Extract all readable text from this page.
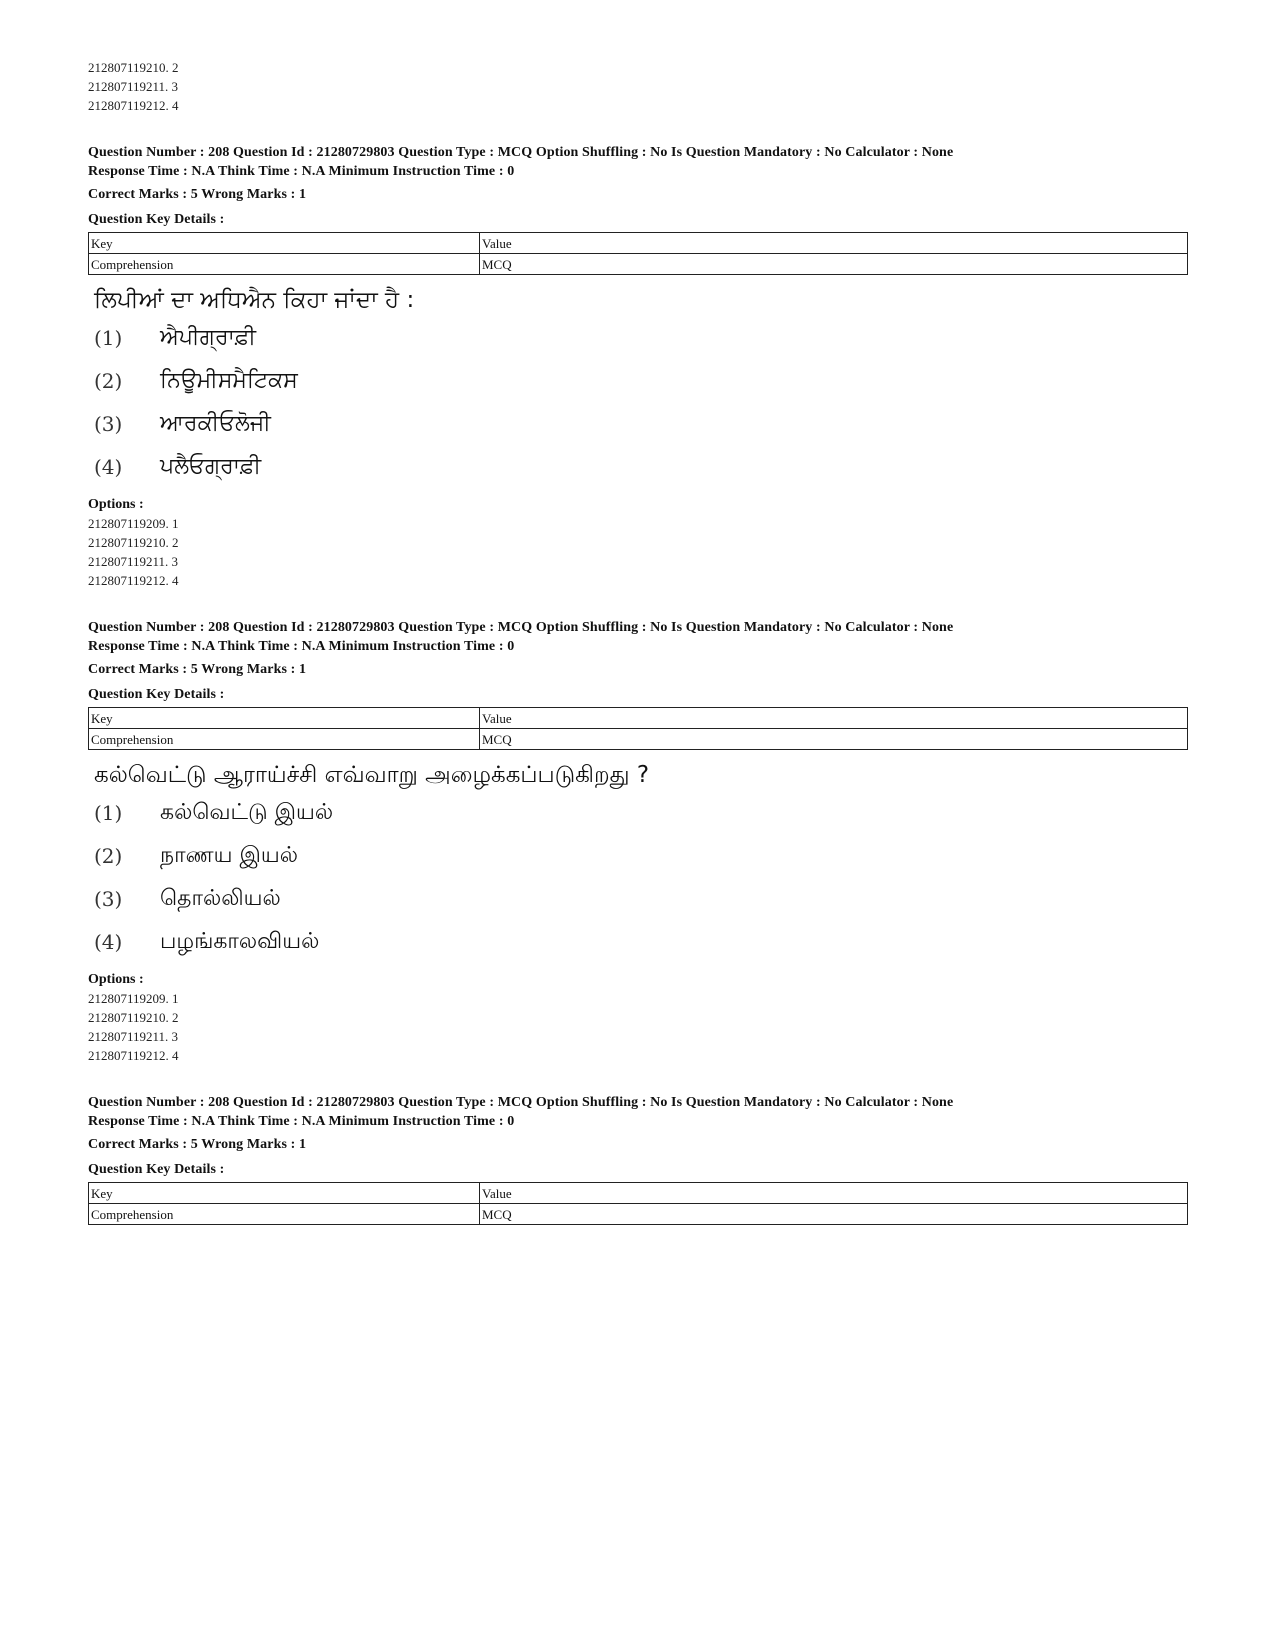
212807119210. 2
212807119211. 3
212807119212. 4
Question Number : 208 Question Id : 21280729803 Question Type : MCQ Option Shuffling : No Is Question Mandatory : No Calculator : None
Response Time : N.A Think Time : N.A Minimum Instruction Time : 0
Correct Marks : 5 Wrong Marks : 1
Question Key Details :
Key	Value
Comprehension	MCQ
ਲਿਪੀਆਂ ਦਾ ਅਧਿਐਨ ਕਿਹਾ ਜਾਂਦਾ ਹੈ :
(1)	ਐਪੀਗ੍ਰਾਫ਼ੀ
(2)	ਨਿਊਮੀਸਮੈਟਿਕਸ
(3)	ਆਰਕੀਓਲੋਜੀ
(4)	ਪਲੈਓਗ੍ਰਾਫ਼ੀ
Options :
212807119209. 1
212807119210. 2
212807119211. 3
212807119212. 4
Question Number : 208 Question Id : 21280729803 Question Type : MCQ Option Shuffling : No Is Question Mandatory : No Calculator : None
Response Time : N.A Think Time : N.A Minimum Instruction Time : 0
Correct Marks : 5 Wrong Marks : 1
Question Key Details :
Key	Value
Comprehension	MCQ
கல்வெட்டு ஆராய்ச்சி எவ்வாறு அழைக்கப்படுகிறது ?
(1)	கல்வெட்டு இயல்
(2)	நாணய இயல்
(3)	தொல்லியல்
(4)	பழங்காலவியல்
Options :
212807119209. 1
212807119210. 2
212807119211. 3
212807119212. 4
Question Number : 208 Question Id : 21280729803 Question Type : MCQ Option Shuffling : No Is Question Mandatory : No Calculator : None
Response Time : N.A Think Time : N.A Minimum Instruction Time : 0
Correct Marks : 5 Wrong Marks : 1
Question Key Details :
Key	Value
Comprehension	MCQ
